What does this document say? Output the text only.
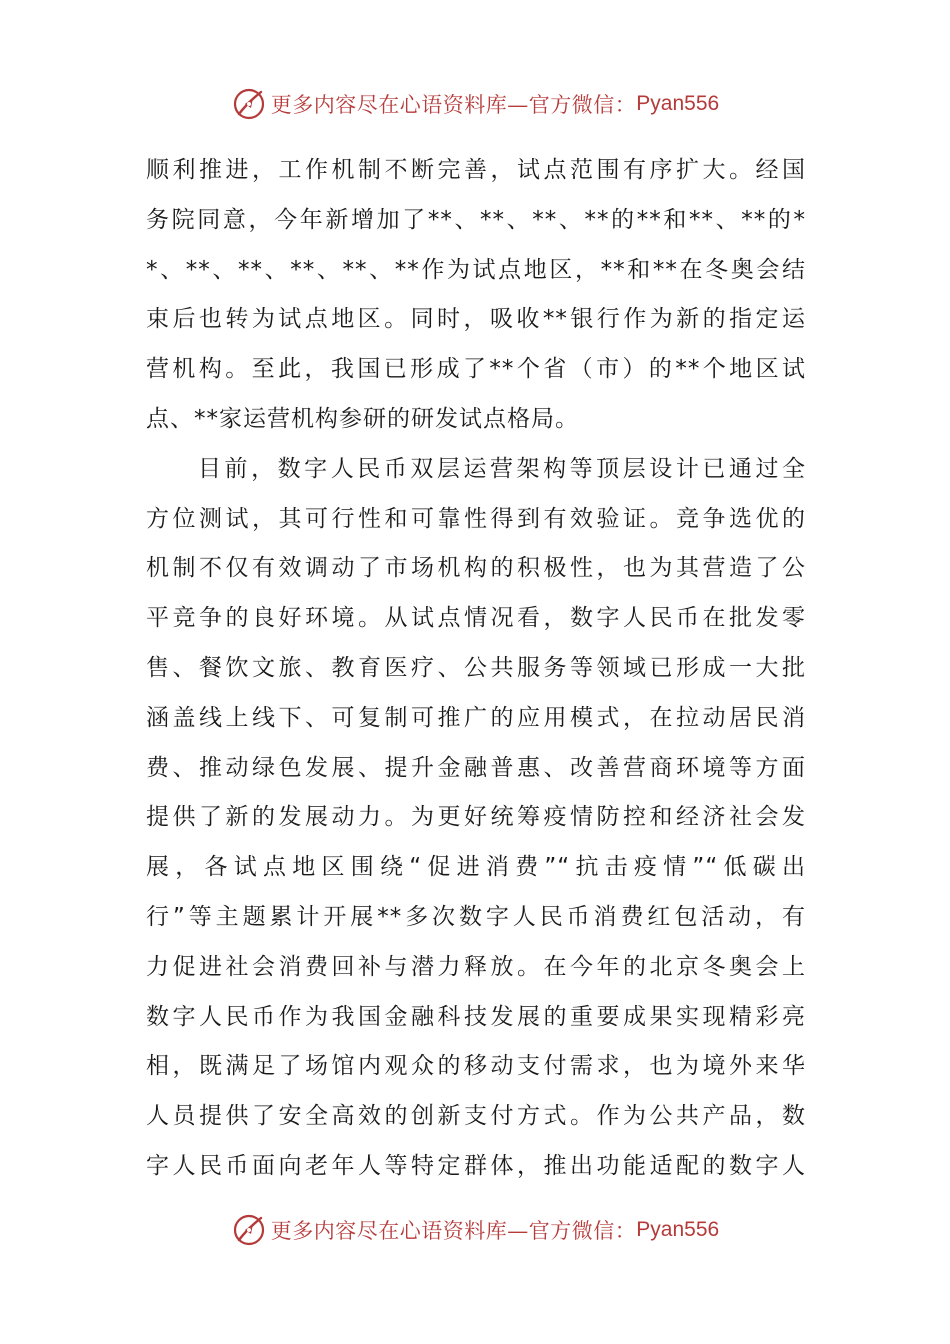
更多内容尽在心语资料库—官方微信： Pyan556
顺利推进，工作机制不断完善，试点范围有序扩大。经国
务院同意，今年新增加了**、**、**、**的**和**、**的*
*、**、**、**、**、**作为试点地区，**和**在冬奥会结
束后也转为试点地区。同时，吸收**银行作为新的指定运
营机构。至此，我国已形成了**个省（市）的**个地区试
点、**家运营机构参研的研发试点格局。
目前，数字人民币双层运营架构等顶层设计已通过全
方位测试，其可行性和可靠性得到有效验证。竞争选优的
机制不仅有效调动了市场机构的积极性，也为其营造了公
平竞争的良好环境。从试点情况看，数字人民币在批发零
售、餐饮文旅、教育医疗、公共服务等领域已形成一大批
涵盖线上线下、可复制可推广的应用模式，在拉动居民消
费、推动绿色发展、提升金融普惠、改善营商环境等方面
提供了新的发展动力。为更好统筹疫情防控和经济社会发
展，各试点地区围绕“促进消费”“抗击疫情”“低碳出
行”等主题累计开展**多次数字人民币消费红包活动，有
力促进社会消费回补与潜力释放。在今年的北京冬奥会上
数字人民币作为我国金融科技发展的重要成果实现精彩亮
相，既满足了场馆内观众的移动支付需求，也为境外来华
人员提供了安全高效的创新支付方式。作为公共产品，数
字人民币面向老年人等特定群体，推出功能适配的数字人
更多内容尽在心语资料库—官方微信： Pyan556
